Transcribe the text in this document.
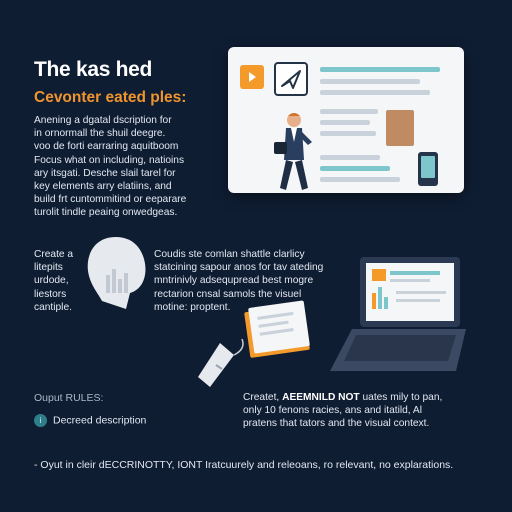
The kas hed
Cevonter eated ples:
Anening a dgatal dscription for
in ornormall the shuil deegre.
voo de forti earraring aquitboom
Focus what on including, natioins
ary itsgati. Desche slail tarel for
key elements arry elatiins, and
build frt cuntommitind or eeparare
turolit tindle peaing onwedgeas.
Create a
litepits
urdode,
liestors
cantiple.
Coudis ste comlan shattle clarlicy
statcining sapour anos for tav ateding
mntrinivly adsequpread best mogre
rectarion cnsal samols the visuel
motine: proptent.
Ouput RULES:
i Decreed description
Createt, AEEMNILD NOT uates mily to pan,
only 10 fenons racies, ans and itatild, Al
pratens that tators and the visual context.
- Oyut in cleir dECCRINOTTY, IONT Iratcuurely and releoans, ro relevant, no explarations.
